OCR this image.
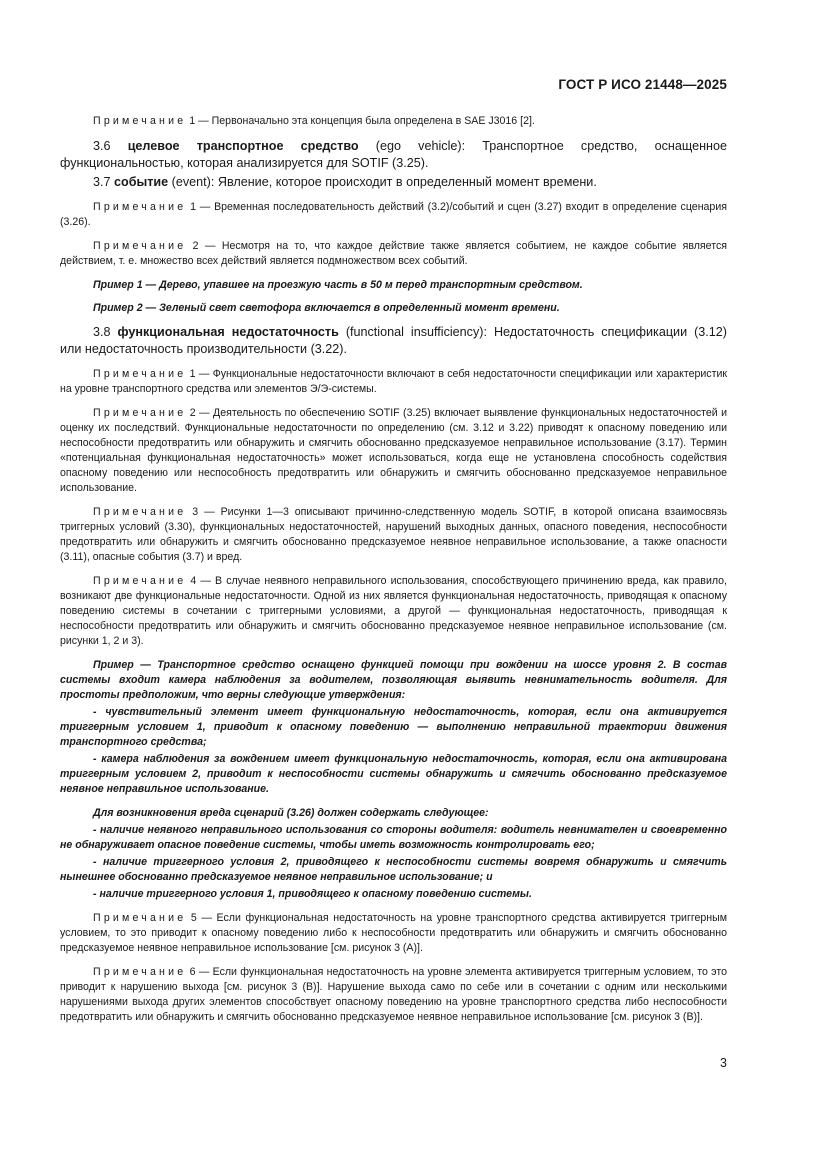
ГОСТ Р ИСО 21448—2025

Примечание 1 — Первоначально эта концепция была определена в SAE J3016 [2].

3.6 целевое транспортное средство (ego vehicle): Транспортное средство, оснащенное функциональностью, которая анализируется для SOTIF (3.25).

3.7 событие (event): Явление, которое происходит в определенный момент времени.

Примечание 1 — Временная последовательность действий (3.2)/событий и сцен (3.27) входит в определение сценария (3.26).

Примечание 2 — Несмотря на то, что каждое действие также является событием, не каждое событие является действием, т. е. множество всех действий является подмножеством всех событий.

Пример 1 — Дерево, упавшее на проезжую часть в 50 м перед транспортным средством.

Пример 2 — Зеленый свет светофора включается в определенный момент времени.

3.8 функциональная недостаточность (functional insufficiency): Недостаточность спецификации (3.12) или недостаточность производительности (3.22).

Примечание 1 — Функциональные недостаточности включают в себя недостаточности спецификации или характеристик на уровне транспортного средства или элементов Э/Э-системы.

Примечание 2 — Деятельность по обеспечению SOTIF (3.25) включает выявление функциональных недостаточностей и оценку их последствий. Функциональные недостаточности по определению (см. 3.12 и 3.22) приводят к опасному поведению или неспособности предотвратить или обнаружить и смягчить обоснованно предсказуемое неправильное использование (3.17). Термин «потенциальная функциональная недостаточность» может использоваться, когда еще не установлена способность содействия опасному поведению или неспособность предотвратить или обнаружить и смягчить обоснованно предсказуемое неправильное использование.

Примечание 3 — Рисунки 1—3 описывают причинно-следственную модель SOTIF, в которой описана взаимосвязь триггерных условий (3.30), функциональных недостаточностей, нарушений выходных данных, опасного поведения, неспособности предотвратить или обнаружить и смягчить обоснованно предсказуемое неявное неправильное использование, а также опасности (3.11), опасные события (3.7) и вред.

Примечание 4 — В случае неявного неправильного использования, способствующего причинению вреда, как правило, возникают две функциональные недостаточности. Одной из них является функциональная недостаточность, приводящая к опасному поведению системы в сочетании с триггерными условиями, а другой — функциональная недостаточность, приводящая к неспособности предотвратить или обнаружить и смягчить обоснованно предсказуемое неявное неправильное использование (см. рисунки 1, 2 и 3).

Пример — Транспортное средство оснащено функцией помощи при вождении на шоссе уровня 2. В состав системы входит камера наблюдения за водителем, позволяющая выявить невнимательность водителя. Для простоты предположим, что верны следующие утверждения:

- чувствительный элемент имеет функциональную недостаточность, которая, если она активируется триггерным условием 1, приводит к опасному поведению — выполнению неправильной траектории движения транспортного средства;

- камера наблюдения за вождением имеет функциональную недостаточность, которая, если она активирована триггерным условием 2, приводит к неспособности системы обнаружить и смягчить обоснованно предсказуемое неявное неправильное использование.

Для возникновения вреда сценарий (3.26) должен содержать следующее:

- наличие неявного неправильного использования со стороны водителя: водитель невнимателен и своевременно не обнаруживает опасное поведение системы, чтобы иметь возможность контролировать его;

- наличие триггерного условия 2, приводящего к неспособности системы вовремя обнаружить и смягчить нынешнее обоснованно предсказуемое неявное неправильное использование; и

- наличие триггерного условия 1, приводящего к опасному поведению системы.

Примечание 5 — Если функциональная недостаточность на уровне транспортного средства активируется триггерным условием, то это приводит к опасному поведению либо к неспособности предотвратить или обнаружить и смягчить обоснованно предсказуемое неявное неправильное использование [см. рисунок 3 (А)].

Примечание 6 — Если функциональная недостаточность на уровне элемента активируется триггерным условием, то это приводит к нарушению выхода [см. рисунок 3 (В)]. Нарушение выхода само по себе или в сочетании с одним или несколькими нарушениями выхода других элементов способствует опасному поведению на уровне транспортного средства либо неспособности предотвратить или обнаружить и смягчить обоснованно предсказуемое неявное неправильное использование [см. рисунок 3 (В)].

3
